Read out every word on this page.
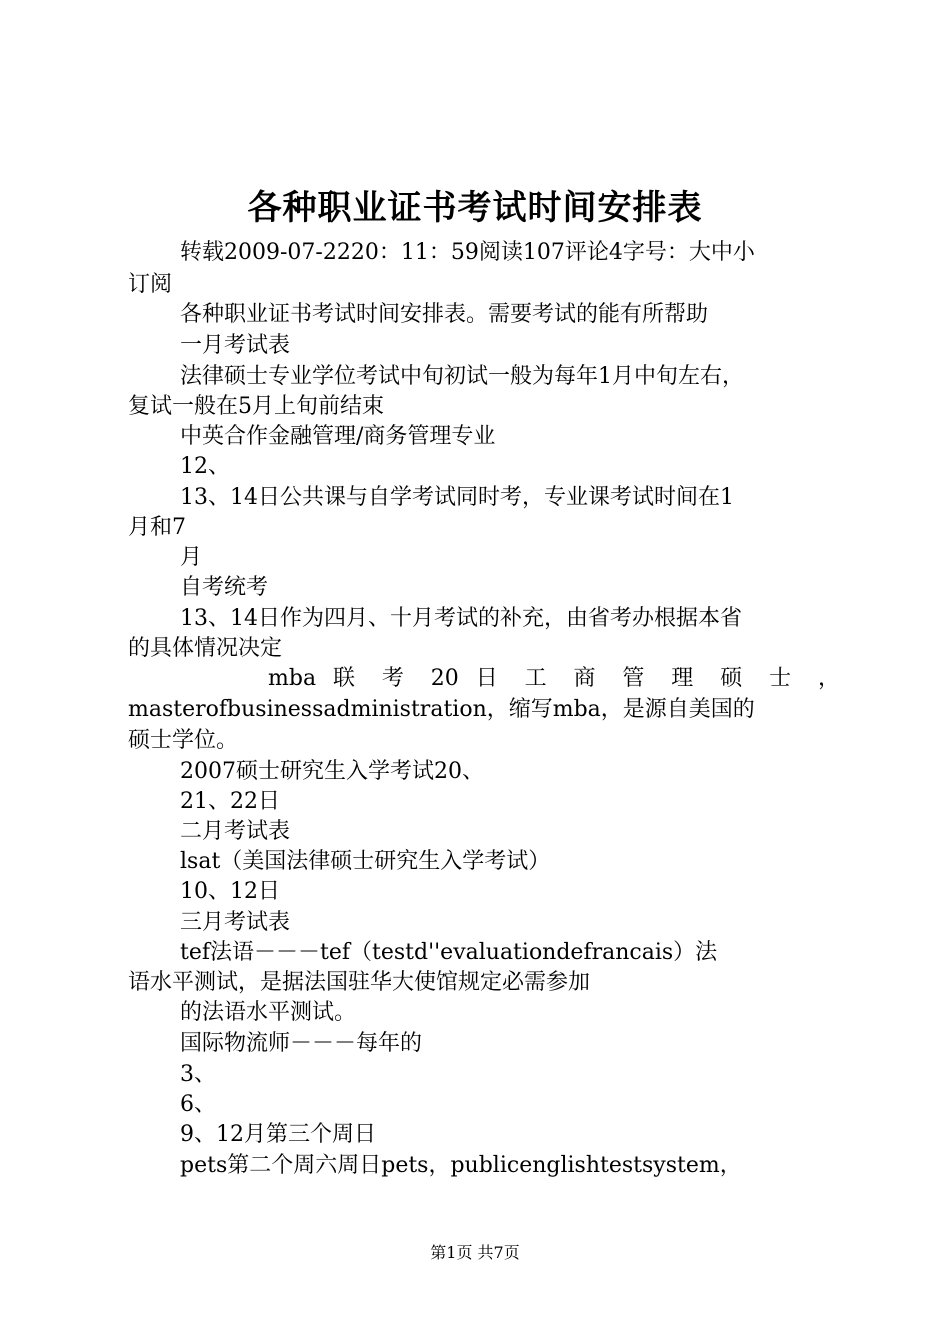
各种职业证书考试时间安排表
转载2009-07-2220：11：59阅读107评论4字号：大中小
订阅
各种职业证书考试时间安排表。需要考试的能有所帮助
一月考试表
法律硕士专业学位考试中旬初试一般为每年1月中旬左右，
复试一般在5月上旬前结束
中英合作金融管理/商务管理专业
12、
13、14日公共课与自学考试同时考，专业课考试时间在1
月和7
月
自考统考
13、14日作为四月、十月考试的补充，由省考办根据本省
的具体情况决定
mba 联 考 20 日 工 商 管 理 硕 士 ，
masterofbusinessadministration，缩写mba，是源自美国的
硕士学位。
2007硕士研究生入学考试20、
21、22日
二月考试表
lsat（美国法律硕士研究生入学考试）
10、12日
三月考试表
tef法语－－－tef（testd''evaluationdefrancais）法
语水平测试，是据法国驻华大使馆规定必需参加
的法语水平测试。
国际物流师－－－每年的
3、
6、
9、12月第三个周日
pets第二个周六周日pets，publicenglishtestsystem，
第1页 共7页
